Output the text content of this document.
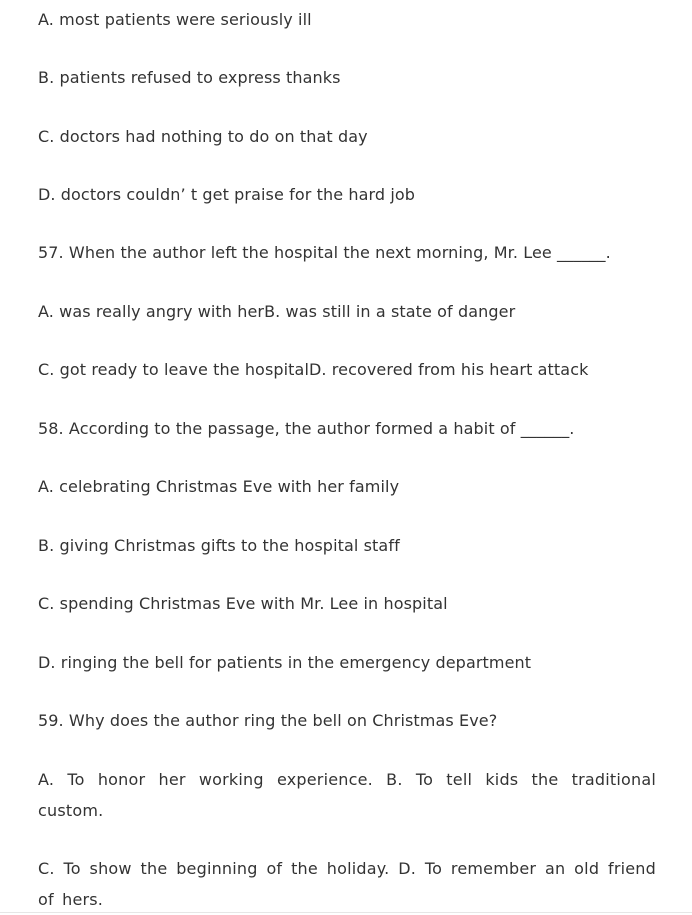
A. most patients were seriously ill
B. patients refused to express thanks
C. doctors had nothing to do on that day
D. doctors couldn’ t get praise for the hard job
57. When the author left the hospital the next morning, Mr. Lee ______.
A. was really angry with herB. was still in a state of danger
C. got ready to leave the hospitalD. recovered from his heart attack
58. According to the passage, the author formed a habit of ______.
A. celebrating Christmas Eve with her family
B. giving Christmas gifts to the hospital staff
C. spending Christmas Eve with Mr. Lee in hospital
D. ringing the bell for patients in the emergency department
59. Why does the author ring the bell on Christmas Eve?
A. To honor her working experience. B. To tell kids the traditional custom.
C. To show the beginning of the holiday. D. To remember an old friend of hers.
